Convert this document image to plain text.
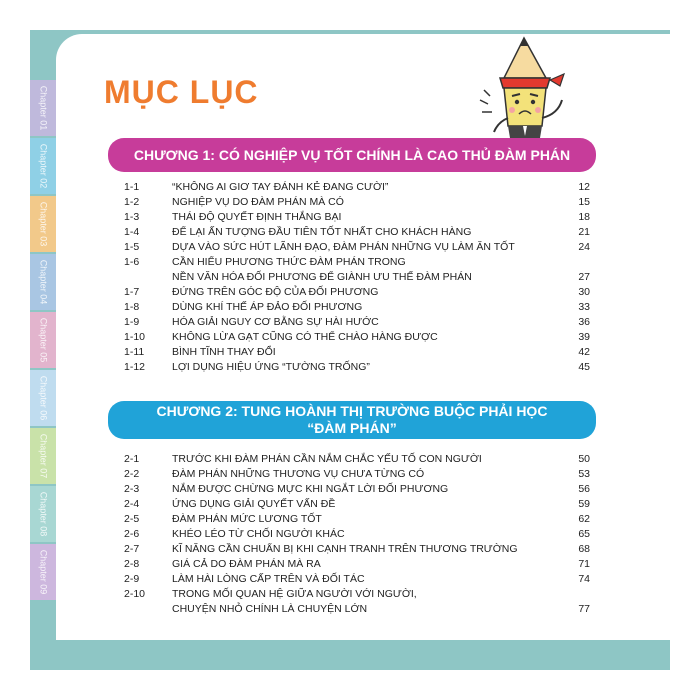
Chapter 01
Chapter 02
Chapter 03
Chapter 04
Chapter 05
Chapter 06
Chapter 07
Chapter 08
Chapter 09
MỤC LỤC
CHƯƠNG 1: CÓ NGHIỆP VỤ TỐT CHÍNH LÀ CAO THỦ ĐÀM PHÁN
1-1	“KHÔNG AI GIƠ TAY ĐÁNH KẺ ĐANG CƯỜI”	12
1-2	NGHIỆP VỤ DO ĐÀM PHÁN MÀ CÓ	15
1-3	THÁI ĐỘ QUYẾT ĐỊNH THẮNG BẠI	18
1-4	ĐỂ LẠI ẤN TƯỢNG ĐẦU TIÊN TỐT NHẤT CHO KHÁCH HÀNG	21
1-5	DỰA VÀO SỨC HÚT LÃNH ĐẠO, ĐÀM PHÁN NHỮNG VỤ LÀM ĂN TỐT	24
1-6	CẦN HIỂU PHƯƠNG THỨC ĐÀM PHÁN TRONG
NỀN VĂN HÓA ĐỐI PHƯƠNG ĐỂ GIÀNH ƯU THẾ ĐÀM PHÁN	27
1-7	ĐỨNG TRÊN GÓC ĐỘ CỦA ĐỐI PHƯƠNG	30
1-8	DÙNG KHÍ THẾ ÁP ĐẢO ĐỐI PHƯƠNG	33
1-9	HÓA GIẢI NGUY CƠ BẰNG SỰ HÀI HƯỚC	36
1-10	KHÔNG LỪA GẠT CŨNG CÓ THỂ CHÀO HÀNG ĐƯỢC	39
1-11	BÌNH TĨNH THAY ĐỔI	42
1-12	LỢI DỤNG HIỆU ỨNG “TƯỜNG TRỐNG”	45
CHƯƠNG 2: TUNG HOÀNH THỊ TRƯỜNG BUỘC PHẢI HỌC
“ĐÀM PHÁN”
2-1	TRƯỚC KHI ĐÀM PHÁN CẦN NẮM CHẮC YẾU TỐ CON NGƯỜI	50
2-2	ĐÀM PHÁN NHỮNG THƯƠNG VỤ CHƯA TỪNG CÓ	53
2-3	NẮM ĐƯỢC CHỪNG MỰC KHI NGẮT LỜI ĐỐI PHƯƠNG	56
2-4	ỨNG DỤNG GIẢI QUYẾT VẤN ĐỀ	59
2-5	ĐÀM PHÁN MỨC LƯƠNG TỐT	62
2-6	KHÉO LÉO TỪ CHỐI NGƯỜI KHÁC	65
2-7	KĨ NĂNG CẦN CHUẨN BỊ KHI CẠNH TRANH TRÊN THƯƠNG TRƯỜNG	68
2-8	GIÁ CẢ DO ĐÀM PHÁN MÀ RA	71
2-9	LÀM HÀI LÒNG CẤP TRÊN VÀ ĐỐI TÁC	74
2-10	TRONG MỐI QUAN HỆ GIỮA NGƯỜI VỚI NGƯỜI,
CHUYỆN NHỎ CHÍNH LÀ CHUYỆN LỚN	77
